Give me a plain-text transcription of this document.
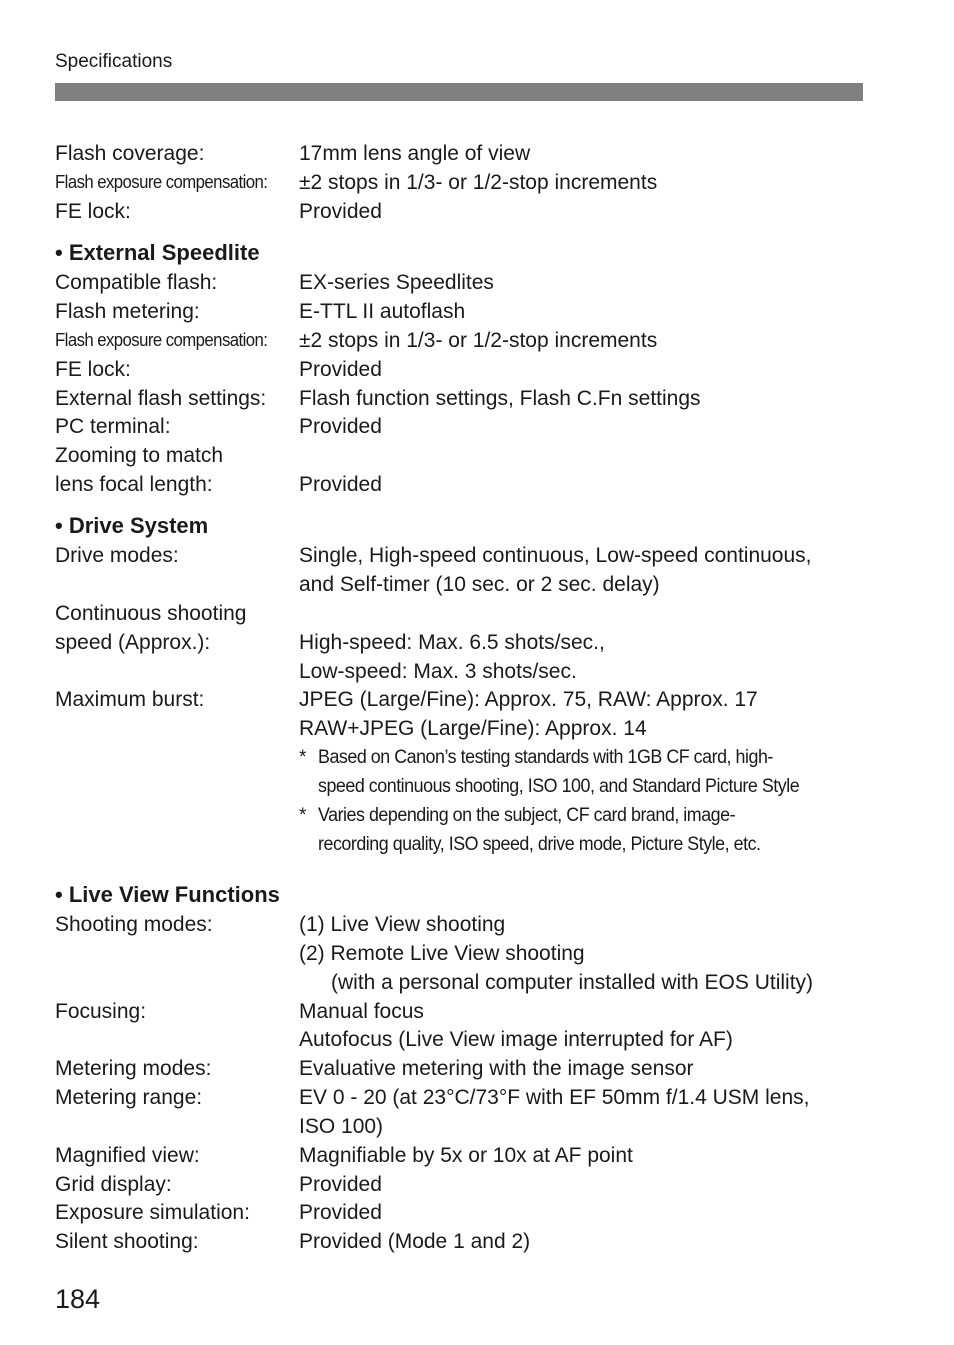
Specifications
Flash coverage:	17mm lens angle of view
Flash exposure compensation: ±2 stops in 1/3- or 1/2-stop increments
FE lock:	Provided
• External Speedlite
Compatible flash:	EX-series Speedlites
Flash metering:	E-TTL II autoflash
Flash exposure compensation: ±2 stops in 1/3- or 1/2-stop increments
FE lock:	Provided
External flash settings: Flash function settings, Flash C.Fn settings
PC terminal:	Provided
Zooming to match
lens focal length:	Provided
• Drive System
Drive modes:	Single, High-speed continuous, Low-speed continuous,
and Self-timer (10 sec. or 2 sec. delay)
Continuous shooting
speed (Approx.):	High-speed: Max. 6.5 shots/sec.,
Low-speed: Max. 3 shots/sec.
Maximum burst:	JPEG (Large/Fine): Approx. 75, RAW: Approx. 17
RAW+JPEG (Large/Fine): Approx. 14
* Based on Canon’s testing standards with 1GB CF card, high-
speed continuous shooting, ISO 100, and Standard Picture Style
* Varies depending on the subject, CF card brand, image-
recording quality, ISO speed, drive mode, Picture Style, etc.
• Live View Functions
Shooting modes:	(1) Live View shooting
(2) Remote Live View shooting
(with a personal computer installed with EOS Utility)
Focusing:	Manual focus
Autofocus (Live View image interrupted for AF)
Metering modes:	Evaluative metering with the image sensor
Metering range:	EV 0 - 20 (at 23°C/73°F with EF 50mm f/1.4 USM lens,
ISO 100)
Magnified view:	Magnifiable by 5x or 10x at AF point
Grid display:	Provided
Exposure simulation: Provided
Silent shooting:	Provided (Mode 1 and 2)
184
